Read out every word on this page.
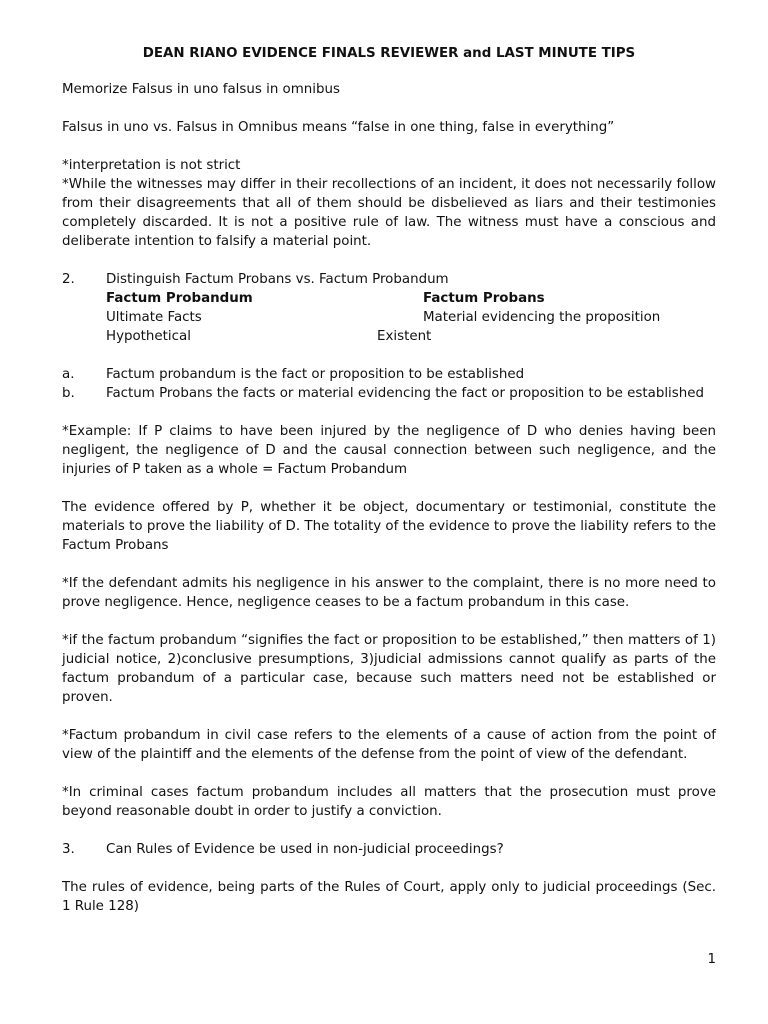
DEAN RIANO EVIDENCE FINALS REVIEWER and LAST MINUTE TIPS

Memorize Falsus in uno falsus in omnibus

Falsus in uno vs. Falsus in Omnibus means “false in one thing, false in everything”

*interpretation is not strict

*While the witnesses may differ in their recollections of an incident, it does not necessarily follow from their disagreements that all of them should be disbelieved as liars and their testimonies completely discarded. It is not a positive rule of law. The witness must have a conscious and deliberate intention to falsify a material point.

2.	Distinguish Factum Probans vs. Factum Probandum
Factum Probandum	Factum Probans
Ultimate Facts	Material evidencing the proposition
Hypothetical	Existent
a.	Factum probandum is the fact or proposition to be established
b.	Factum Probans the facts or material evidencing the fact or proposition to be established

*Example: If P claims to have been injured by the negligence of D who denies having been negligent, the negligence of D and the causal connection between such negligence, and the injuries of P taken as a whole = Factum Probandum

The evidence offered by P, whether it be object, documentary or testimonial, constitute the materials to prove the liability of D. The totality of the evidence to prove the liability refers to the Factum Probans

*If the defendant admits his negligence in his answer to the complaint, there is no more need to prove negligence. Hence, negligence ceases to be a factum probandum in this case.

*if the factum probandum “signifies the fact or proposition to be established,” then matters of 1) judicial notice, 2)conclusive presumptions, 3)judicial admissions cannot qualify as parts of the factum probandum of a particular case, because such matters need not be established or proven.

*Factum probandum in civil case refers to the elements of a cause of action from the point of view of the plaintiff and the elements of the defense from the point of view of the defendant.

*In criminal cases factum probandum includes all matters that the prosecution must prove beyond reasonable doubt in order to justify a conviction.

3.	Can Rules of Evidence be used in non-judicial proceedings?

The rules of evidence, being parts of the Rules of Court, apply only to judicial proceedings (Sec. 1 Rule 128)

1
